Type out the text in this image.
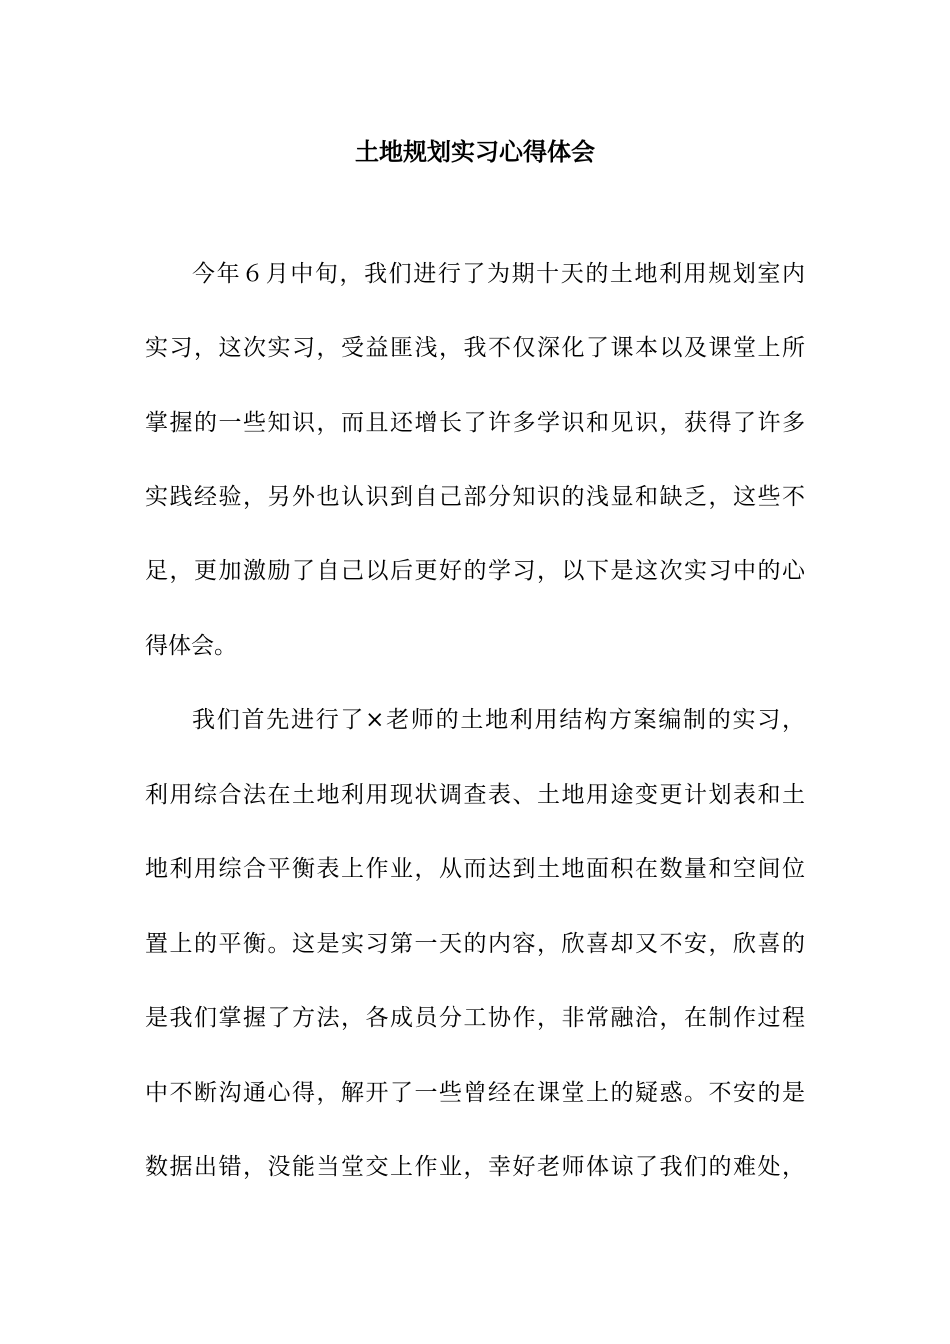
土地规划实习心得体会
今年６月中旬，我们进行了为期十天的土地利用规划室内
实习，这次实习，受益匪浅，我不仅深化了课本以及课堂上所
掌握的一些知识，而且还增长了许多学识和见识，获得了许多
实践经验，另外也认识到自己部分知识的浅显和缺乏，这些不
足，更加激励了自己以后更好的学习，以下是这次实习中的心
得体会。
我们首先进行了×老师的土地利用结构方案编制的实习，
利用综合法在土地利用现状调查表、土地用途变更计划表和土
地利用综合平衡表上作业，从而达到土地面积在数量和空间位
置上的平衡。这是实习第一天的内容，欣喜却又不安，欣喜的
是我们掌握了方法，各成员分工协作，非常融洽，在制作过程
中不断沟通心得，解开了一些曾经在课堂上的疑惑。不安的是
数据出错，没能当堂交上作业，幸好老师体谅了我们的难处，
